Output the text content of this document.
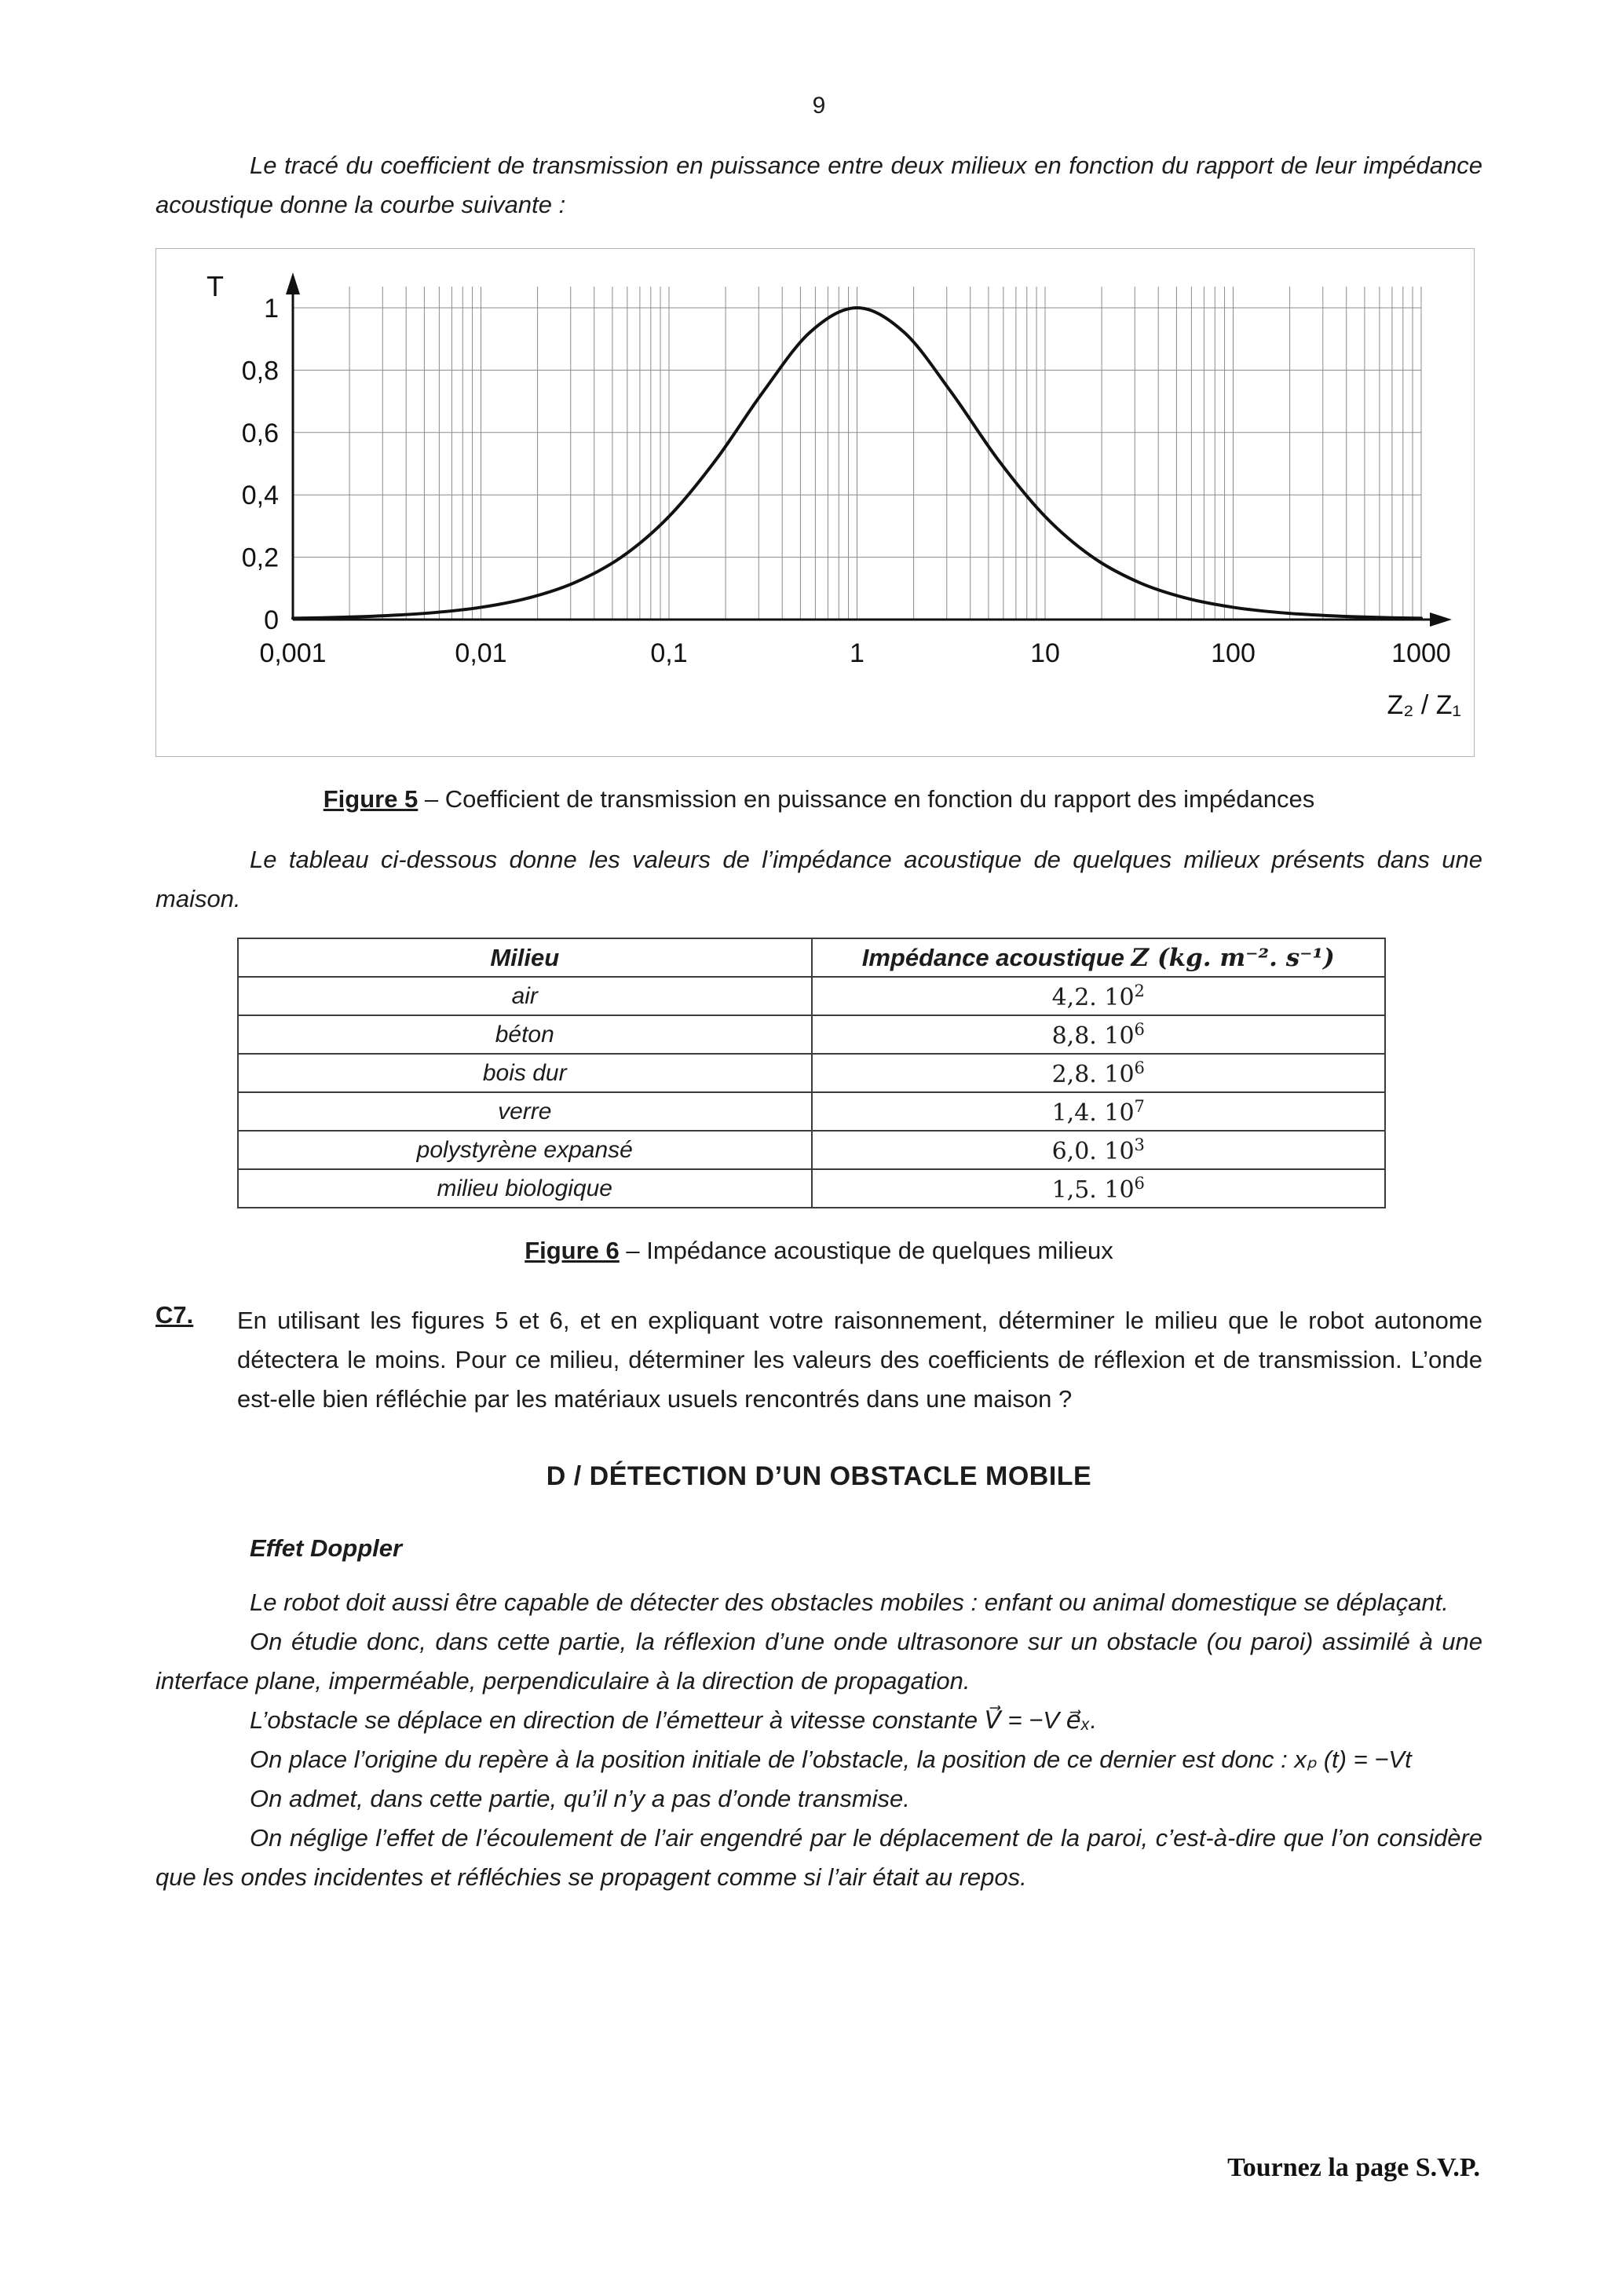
9

Le tracé du coefficient de transmission en puissance entre deux milieux en fonction du rapport de leur impédance acoustique donne la courbe suivante :

T
0
0,2
0,4
0,6
0,8
1
0,001	0,01	0,1	1	10	100	1000
Z₂ / Z₁

Figure 5 – Coefficient de transmission en puissance en fonction du rapport des impédances

Le tableau ci-dessous donne les valeurs de l’impédance acoustique de quelques milieux présents dans une maison.

Milieu	Impédance acoustique Z (kg. m⁻². s⁻¹)
air	4,2. $10^2$
béton	8,8. $10^6$
bois dur	2,8. $10^6$
verre	1,4. $10^7$
polystyrène expansé	6,0. $10^3$
milieu biologique	1,5. $10^6$

Figure 6 – Impédance acoustique de quelques milieux

C7.	En utilisant les figures 5 et 6, et en expliquant votre raisonnement, déterminer le milieu que le robot autonome détectera le moins. Pour ce milieu, déterminer les valeurs des coefficients de réflexion et de transmission. L’onde est-elle bien réfléchie par les matériaux usuels rencontrés dans une maison ?
D / DÉTECTION D’UN OBSTACLE MOBILE

Effet Doppler

Le robot doit aussi être capable de détecter des obstacles mobiles : enfant ou animal domestique se déplaçant.

On étudie donc, dans cette partie, la réflexion d’une onde ultrasonore sur un obstacle (ou paroi) assimilé à une interface plane, imperméable, perpendiculaire à la direction de propagation.

L’obstacle se déplace en direction de l’émetteur à vitesse constante V⃗ = −V e⃗ₓ.

On place l’origine du repère à la position initiale de l’obstacle, la position de ce dernier est donc : xₚ (t) = −Vt

On admet, dans cette partie, qu’il n’y a pas d’onde transmise.

On néglige l’effet de l’écoulement de l’air engendré par le déplacement de la paroi, c’est-à-dire que l’on considère que les ondes incidentes et réfléchies se propagent comme si l’air était au repos.

Tournez la page S.V.P.
